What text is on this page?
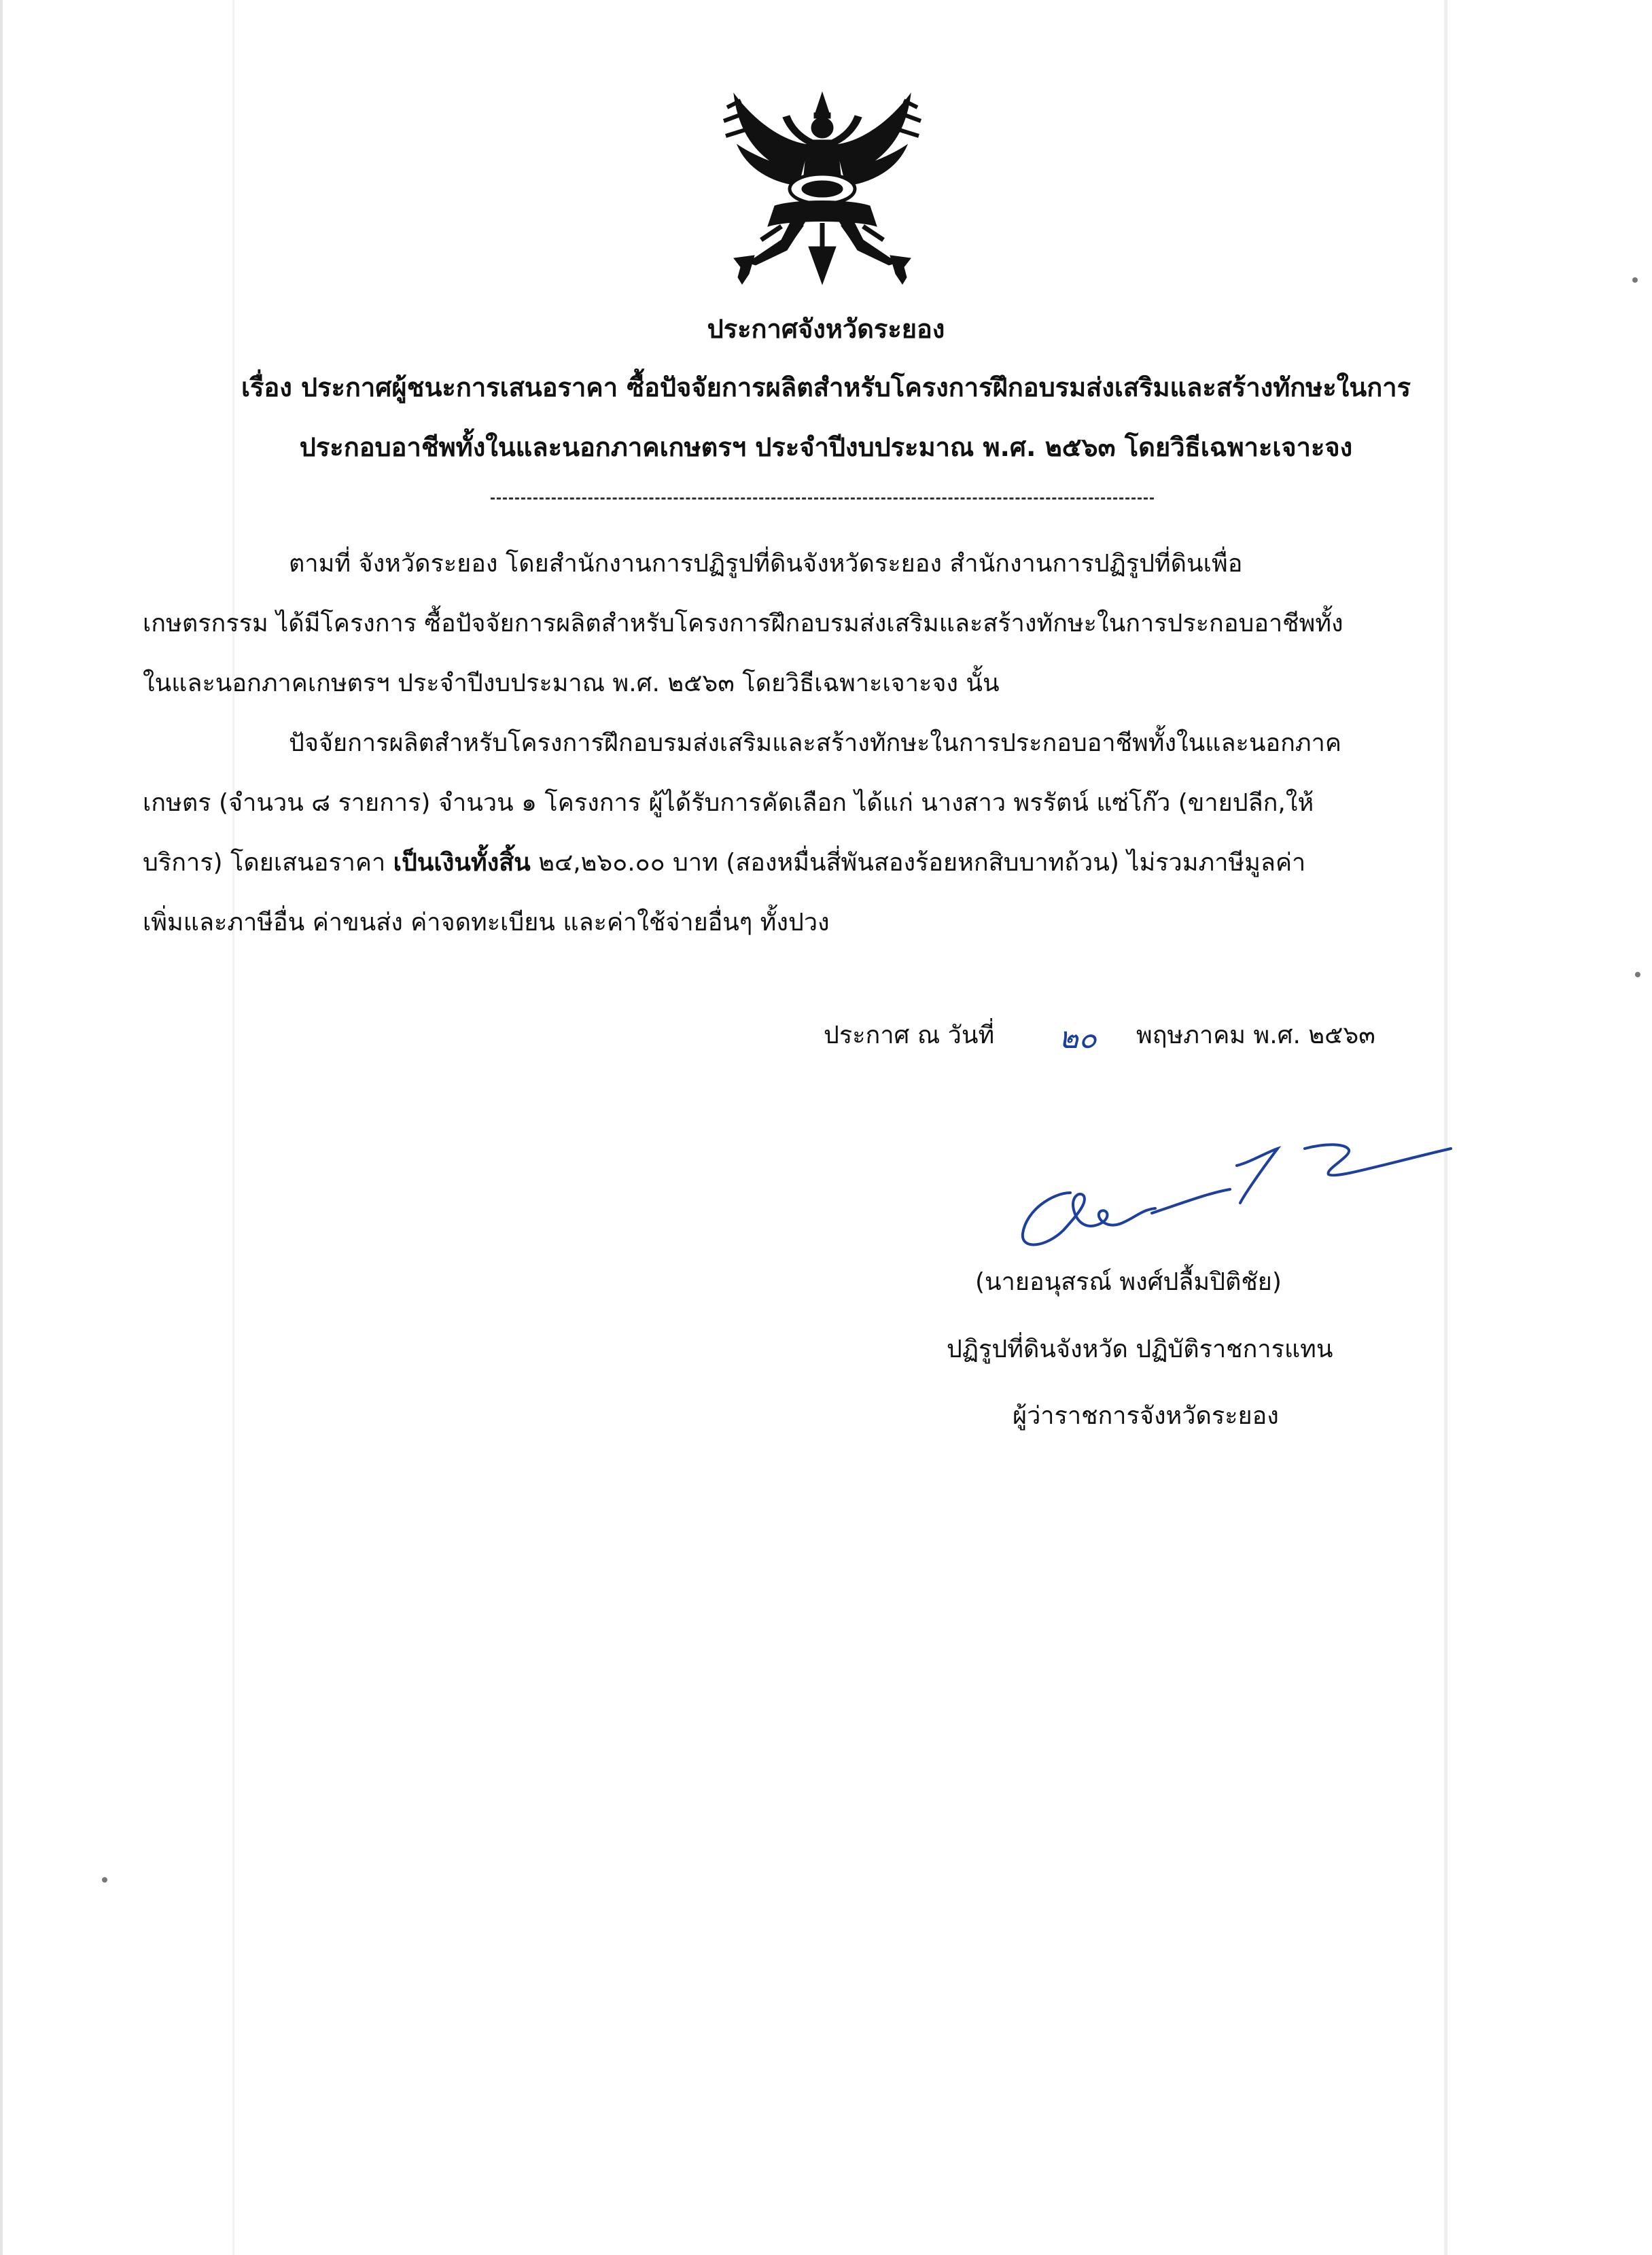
ประกาศจังหวัดระยอง
เรื่อง ประกาศผู้ชนะการเสนอราคา ซื้อปัจจัยการผลิตสำหรับโครงการฝึกอบรมส่งเสริมและสร้างทักษะในการ
ประกอบอาชีพทั้งในและนอกภาคเกษตรฯ ประจำปีงบประมาณ พ.ศ. ๒๕๖๓ โดยวิธีเฉพาะเจาะจง
ตามที่ จังหวัดระยอง โดยสำนักงานการปฏิรูปที่ดินจังหวัดระยอง สำนักงานการปฏิรูปที่ดินเพื่อ
เกษตรกรรม ได้มีโครงการ ซื้อปัจจัยการผลิตสำหรับโครงการฝึกอบรมส่งเสริมและสร้างทักษะในการประกอบอาชีพทั้ง
ในและนอกภาคเกษตรฯ ประจำปีงบประมาณ พ.ศ. ๒๕๖๓ โดยวิธีเฉพาะเจาะจง นั้น
ปัจจัยการผลิตสำหรับโครงการฝึกอบรมส่งเสริมและสร้างทักษะในการประกอบอาชีพทั้งในและนอกภาค
เกษตร (จำนวน ๘ รายการ) จำนวน ๑ โครงการ ผู้ได้รับการคัดเลือก ได้แก่ นางสาว พรรัตน์ แซ่โก๊ว (ขายปลีก,ให้
บริการ) โดยเสนอราคา เป็นเงินทั้งสิ้น ๒๔,๒๖๐.๐๐ บาท (สองหมื่นสี่พันสองร้อยหกสิบบาทถ้วน) ไม่รวมภาษีมูลค่า
เพิ่มและภาษีอื่น ค่าขนส่ง ค่าจดทะเบียน และค่าใช้จ่ายอื่นๆ ทั้งปวง
ประกาศ ณ วันที่ ๒๐ พฤษภาคม พ.ศ. ๒๕๖๓
(นายอนุสรณ์ พงศ์ปลื้มปิติชัย)
ปฏิรูปที่ดินจังหวัด ปฏิบัติราชการแทน
ผู้ว่าราชการจังหวัดระยอง
